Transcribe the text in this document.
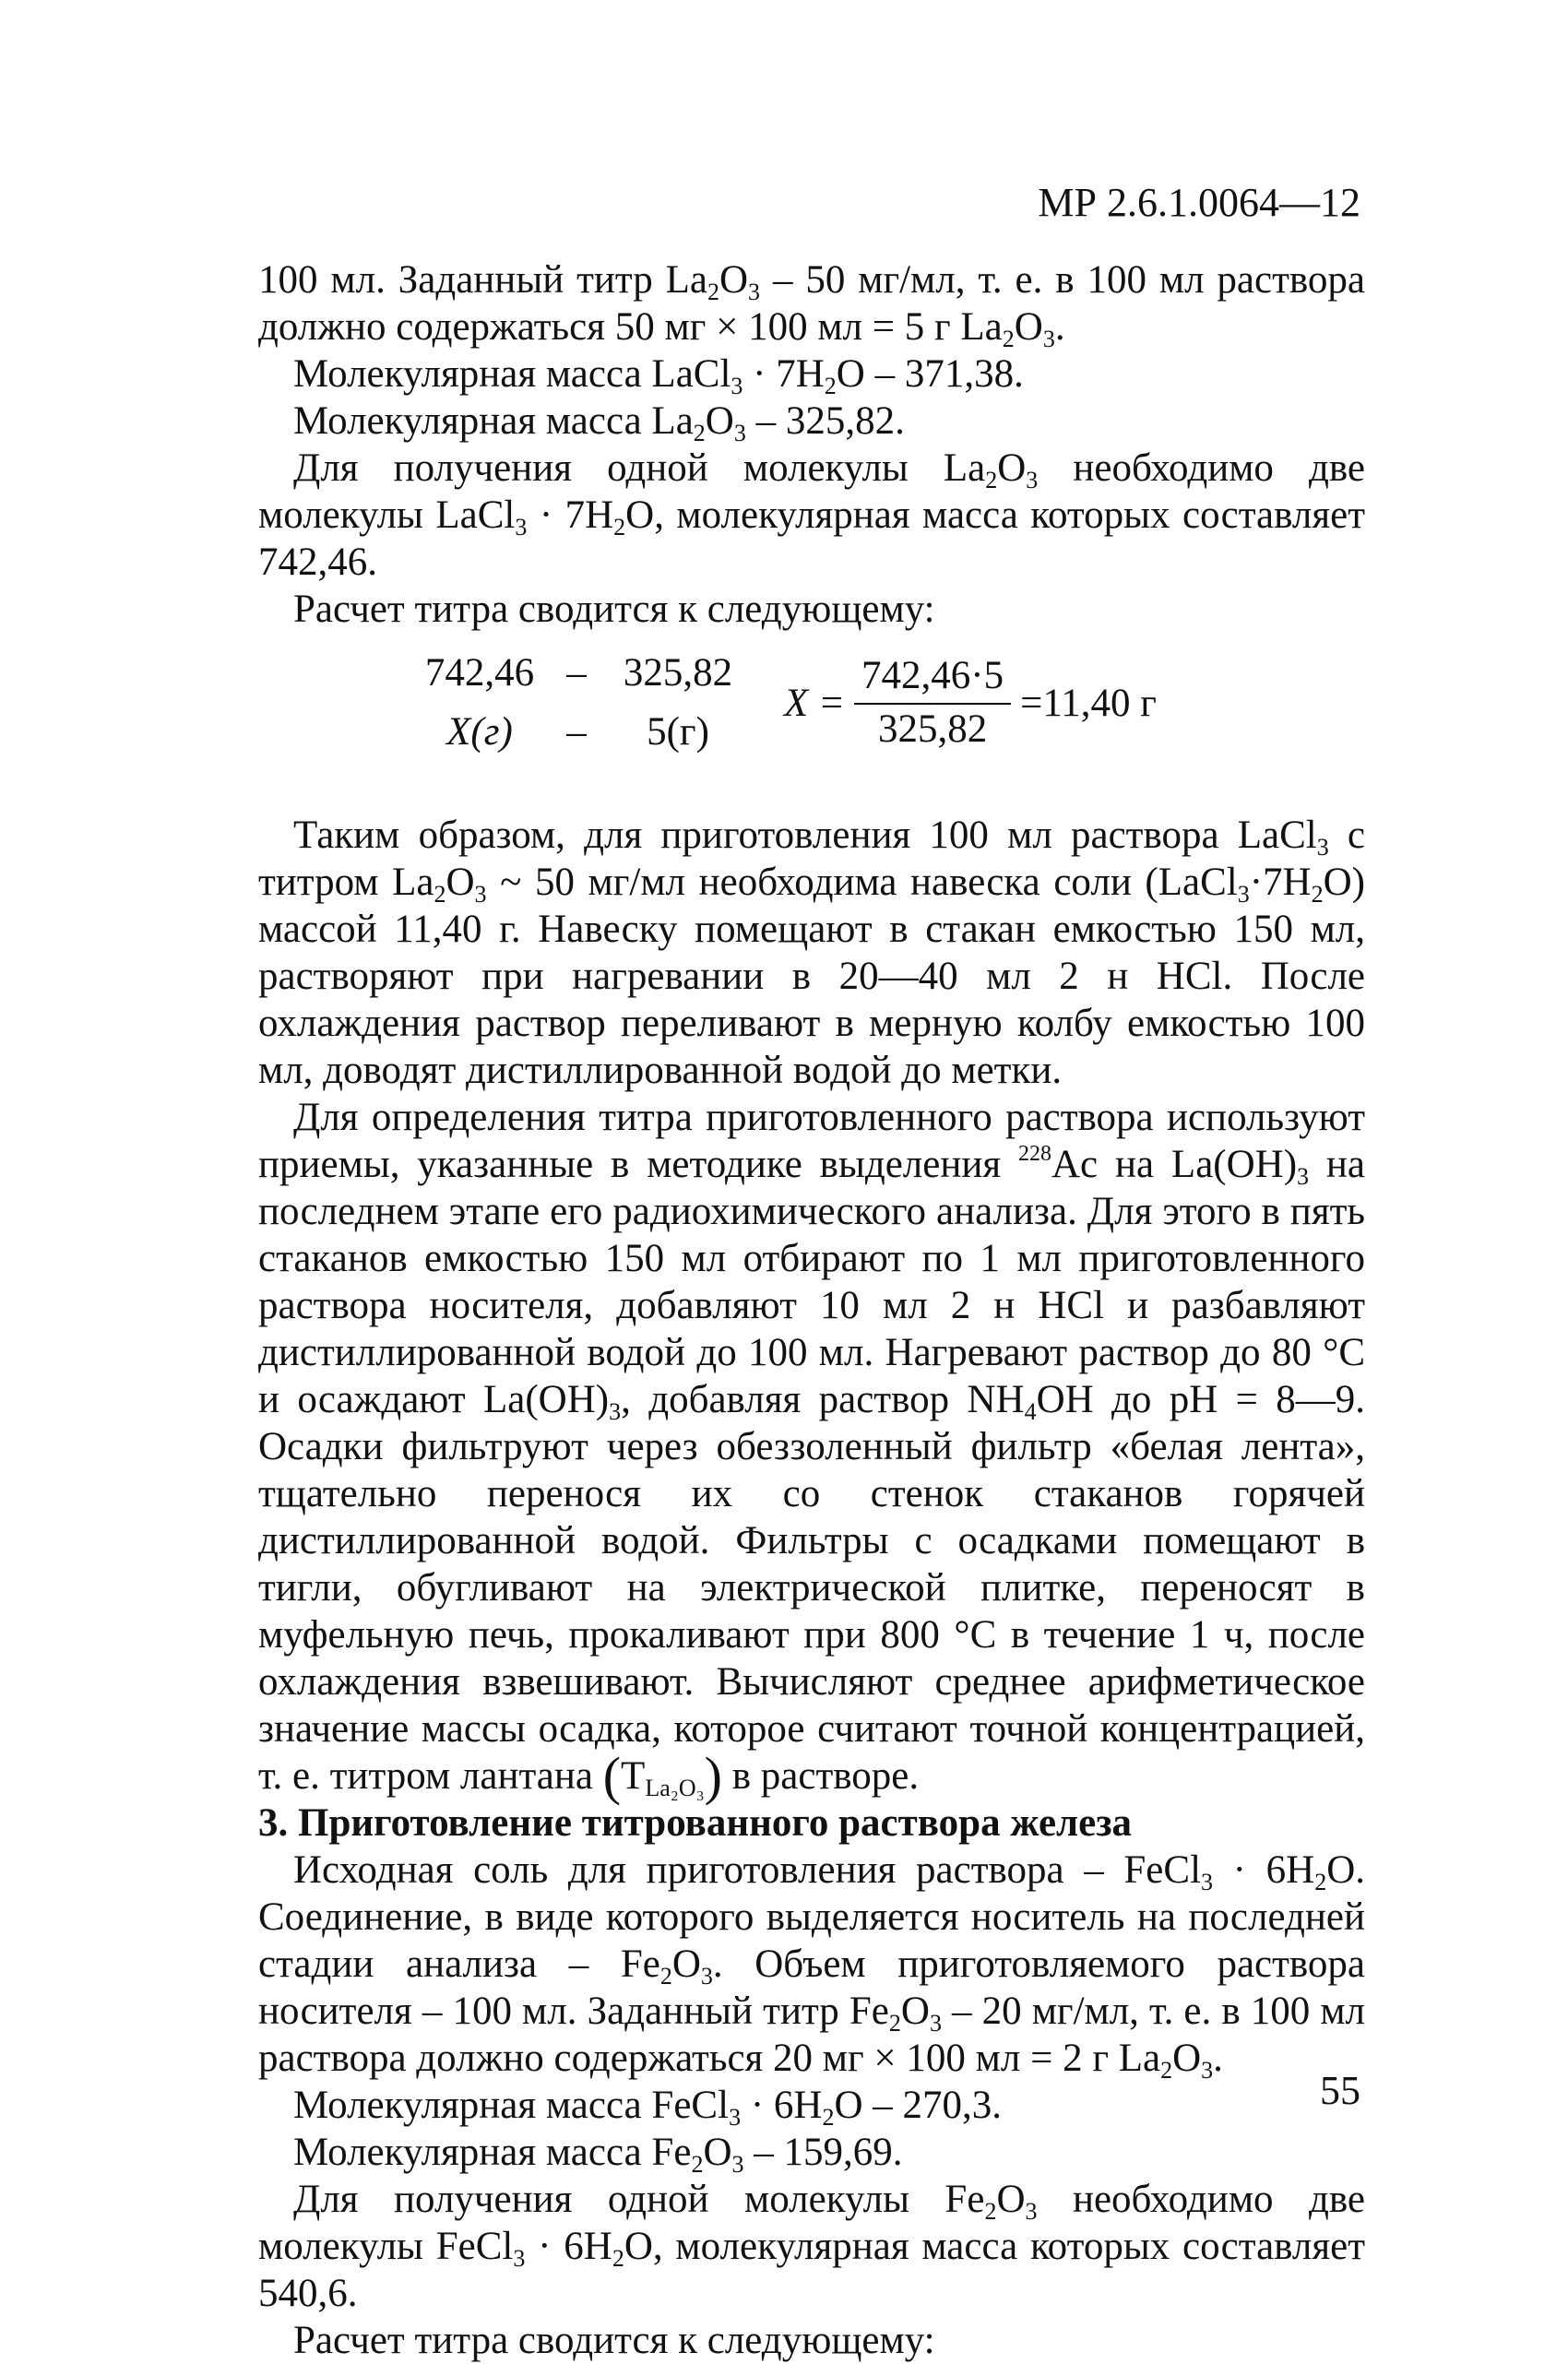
МР 2.6.1.0064—12

100 мл. Заданный титр $La_2O_3 - 50$ мг/мл, т. е. в 100 мл раствора должно содержаться 50 мг × 100 мл = 5 г $La_2O_3$.

Молекулярная масса LaCl$_3$ · $7H_2O - 371,38$.

Молекулярная масса $La_2O_3 - 325,82$.

Для получения одной молекулы $La_2O_3$ необходимо две молекулы LaCl$_3$ · $7H_2O$, молекулярная масса которых составляет 742,46.

Расчет титра сводится к следующему:

742,46 – 325,82
X(г) – 5(г)
$X = \frac{742,46\cdot 5}{325,82} =11,40$ г

Таким образом, для приготовления 100 мл раствора LaCl$_3$ с титром $La_2O_3$ ~ 50 мг/мл необходима навеска соли $(LaCl_3\cdot 7H_2O)$ массой 11,40 г. Навеску помещают в стакан емкостью 150 мл, растворяют при нагревании в 20—40 мл 2 н HCl. После охлаждения раствор переливают в мерную колбу емкостью 100 мл, доводят дистиллированной водой до метки.

Для определения титра приготовленного раствора используют приемы, указанные в методике выделения $^{228}$Ac на $La(OH)_3$ на последнем этапе его радиохимического анализа. Для этого в пять стаканов емкостью 150 мл отбирают по 1 мл приготовленного раствора носителя, добавляют 10 мл 2 н HCl и разбавляют дистиллированной водой до 100 мл. Нагревают раствор до 80 °С и осаждают $La(OH)_3$, добавляя раствор $NH_4OH$ до pH = 8—9. Осадки фильтруют через обеззоленный фильтр «белая лента», тщательно перенося их со стенок стаканов горячей дистиллированной водой. Фильтры с осадками помещают в тигли, обугливают на электрической плитке, переносят в муфельную печь, прокаливают при 800 °С в течение 1 ч, после охлаждения взвешивают. Вычисляют среднее арифметическое значение массы осадка, которое считают точной концентрацией, т. е. титром лантана $(T_{La_2O_3})$ в растворе.

3. Приготовление титрованного раствора железа

Исходная соль для приготовления раствора – FeCl$_3$ · $6H_2O$. Соединение, в виде которого выделяется носитель на последней стадии анализа – $Fe_2O_3$. Объем приготовляемого раствора носителя – 100 мл. Заданный титр $Fe_2O_3 - 20$ мг/мл, т. е. в 100 мл раствора должно содержаться 20 мг × 100 мл = 2 г $La_2O_3$.

Молекулярная масса FeCl$_3$ · $6H_2O - 270,3$.

Молекулярная масса $Fe_2O_3 - 159,69$.

Для получения одной молекулы $Fe_2O_3$ необходимо две молекулы FeCl$_3$ · $6H_2O$, молекулярная масса которых составляет 540,6.

Расчет титра сводится к следующему:

55
